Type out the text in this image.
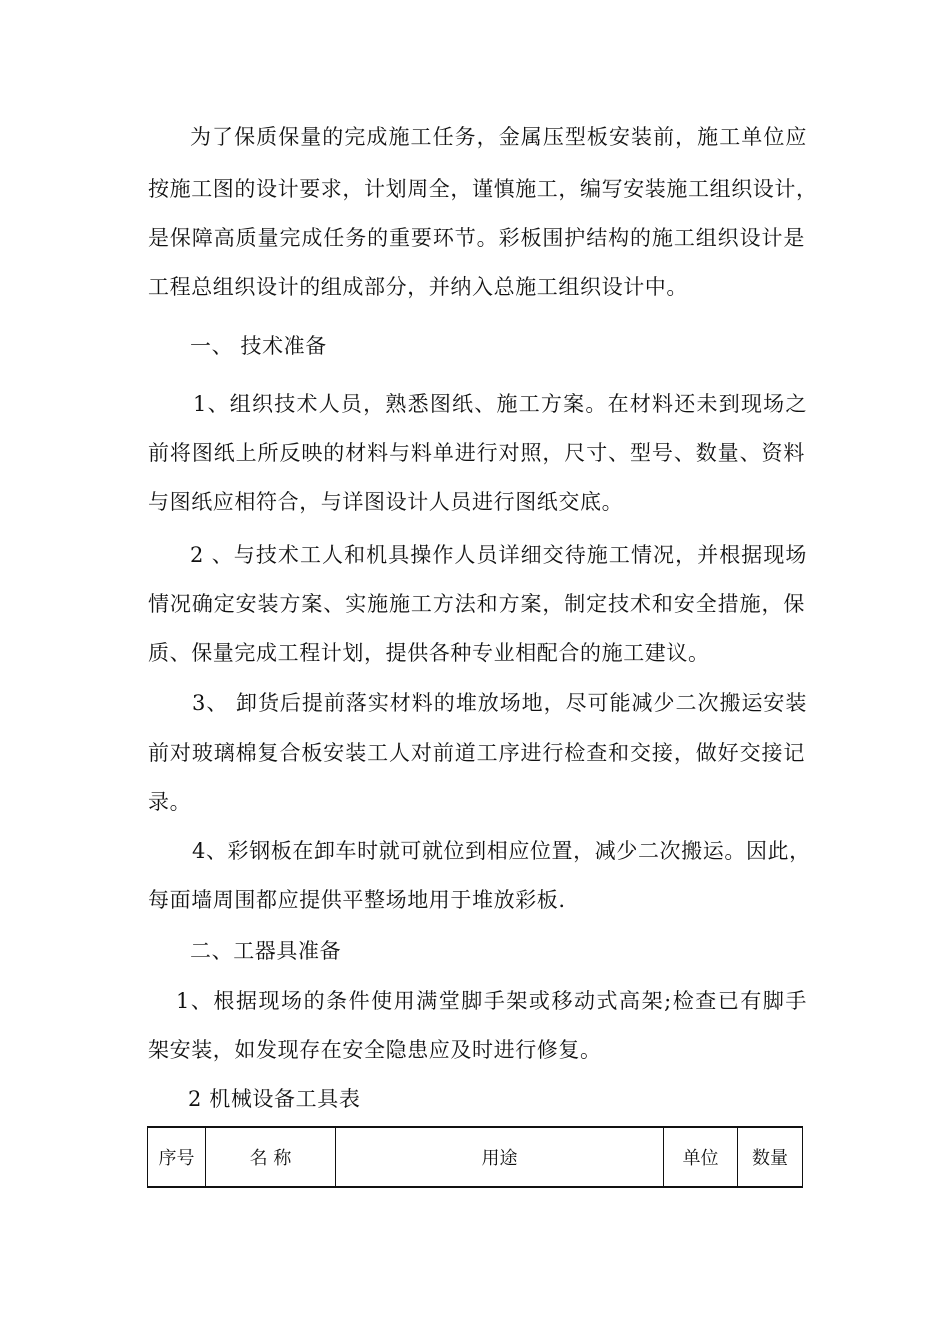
为了保质保量的完成施工任务，金属压型板安装前，施工单位应
按施工图的设计要求，计划周全，谨慎施工，编写安装施工组织设计，
是保障高质量完成任务的重要环节。彩板围护结构的施工组织设计是
工程总组织设计的组成部分，并纳入总施工组织设计中。
一、 技术准备
1、组织技术人员，熟悉图纸、施工方案。在材料还未到现场之
前将图纸上所反映的材料与料单进行对照，尺寸、型号、数量、资料
与图纸应相符合，与详图设计人员进行图纸交底。
2 、与技术工人和机具操作人员详细交待施工情况，并根据现场
情况确定安装方案、实施施工方法和方案，制定技术和安全措施，保
质、保量完成工程计划，提供各种专业相配合的施工建议。
3、 卸货后提前落实材料的堆放场地，尽可能减少二次搬运安装
前对玻璃棉复合板安装工人对前道工序进行检查和交接，做好交接记
录。
4、彩钢板在卸车时就可就位到相应位置，减少二次搬运。因此，
每面墙周围都应提供平整场地用于堆放彩板.
二、工器具准备
1、根据现场的条件使用满堂脚手架或移动式高架;检查已有脚手
架安装，如发现存在安全隐患应及时进行修复。
2 机械设备工具表
序号	名 称	用途	单位	数量
